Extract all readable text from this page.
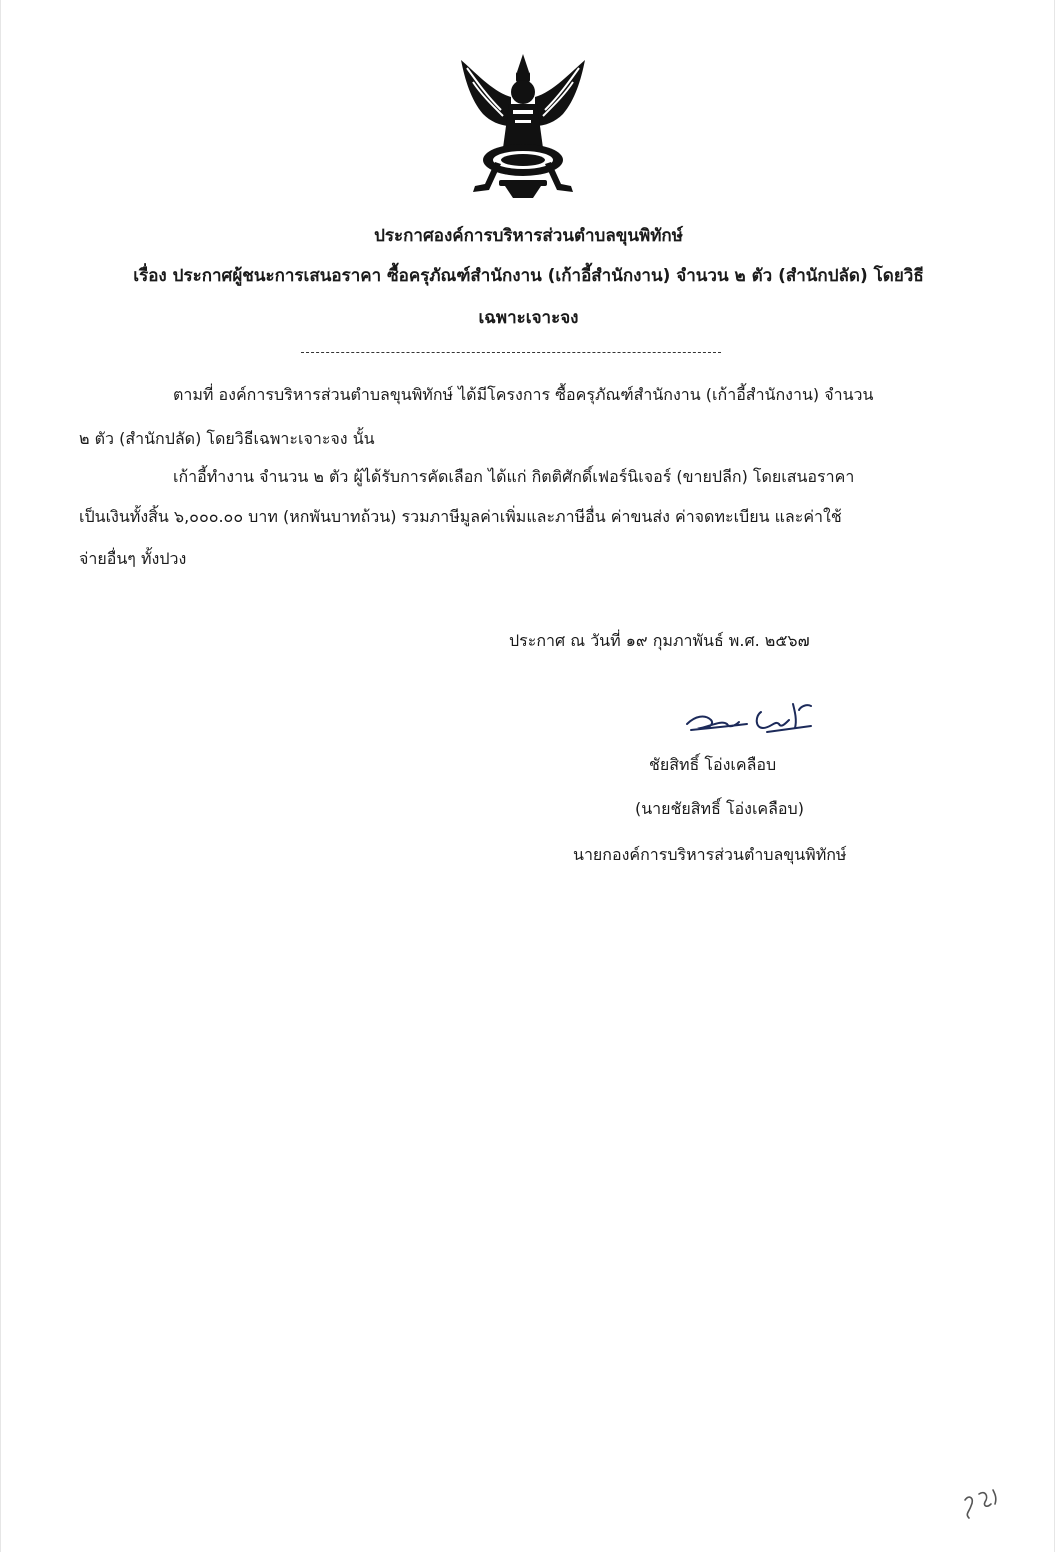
ประกาศองค์การบริหารส่วนตำบลขุนพิทักษ์
เรื่อง ประกาศผู้ชนะการเสนอราคา ซื้อครุภัณฑ์สำนักงาน (เก้าอี้สำนักงาน) จำนวน ๒ ตัว (สำนักปลัด) โดยวิธี
เฉพาะเจาะจง
ตามที่ องค์การบริหารส่วนตำบลขุนพิทักษ์ ได้มีโครงการ ซื้อครุภัณฑ์สำนักงาน (เก้าอี้สำนักงาน) จำนวน
๒ ตัว (สำนักปลัด) โดยวิธีเฉพาะเจาะจง นั้น
เก้าอี้ทำงาน จำนวน ๒ ตัว ผู้ได้รับการคัดเลือก ได้แก่ กิตติศักดิ์เฟอร์นิเจอร์ (ขายปลีก) โดยเสนอราคา
เป็นเงินทั้งสิ้น ๖,๐๐๐.๐๐ บาท (หกพันบาทถ้วน) รวมภาษีมูลค่าเพิ่มและภาษีอื่น ค่าขนส่ง ค่าจดทะเบียน และค่าใช้
จ่ายอื่นๆ ทั้งปวง
ประกาศ ณ วันที่ ๑๙ กุมภาพันธ์ พ.ศ. ๒๕๖๗
ชัยสิทธิ์ โอ่งเคลือบ
(นายชัยสิทธิ์ โอ่งเคลือบ)
นายกองค์การบริหารส่วนตำบลขุนพิทักษ์
